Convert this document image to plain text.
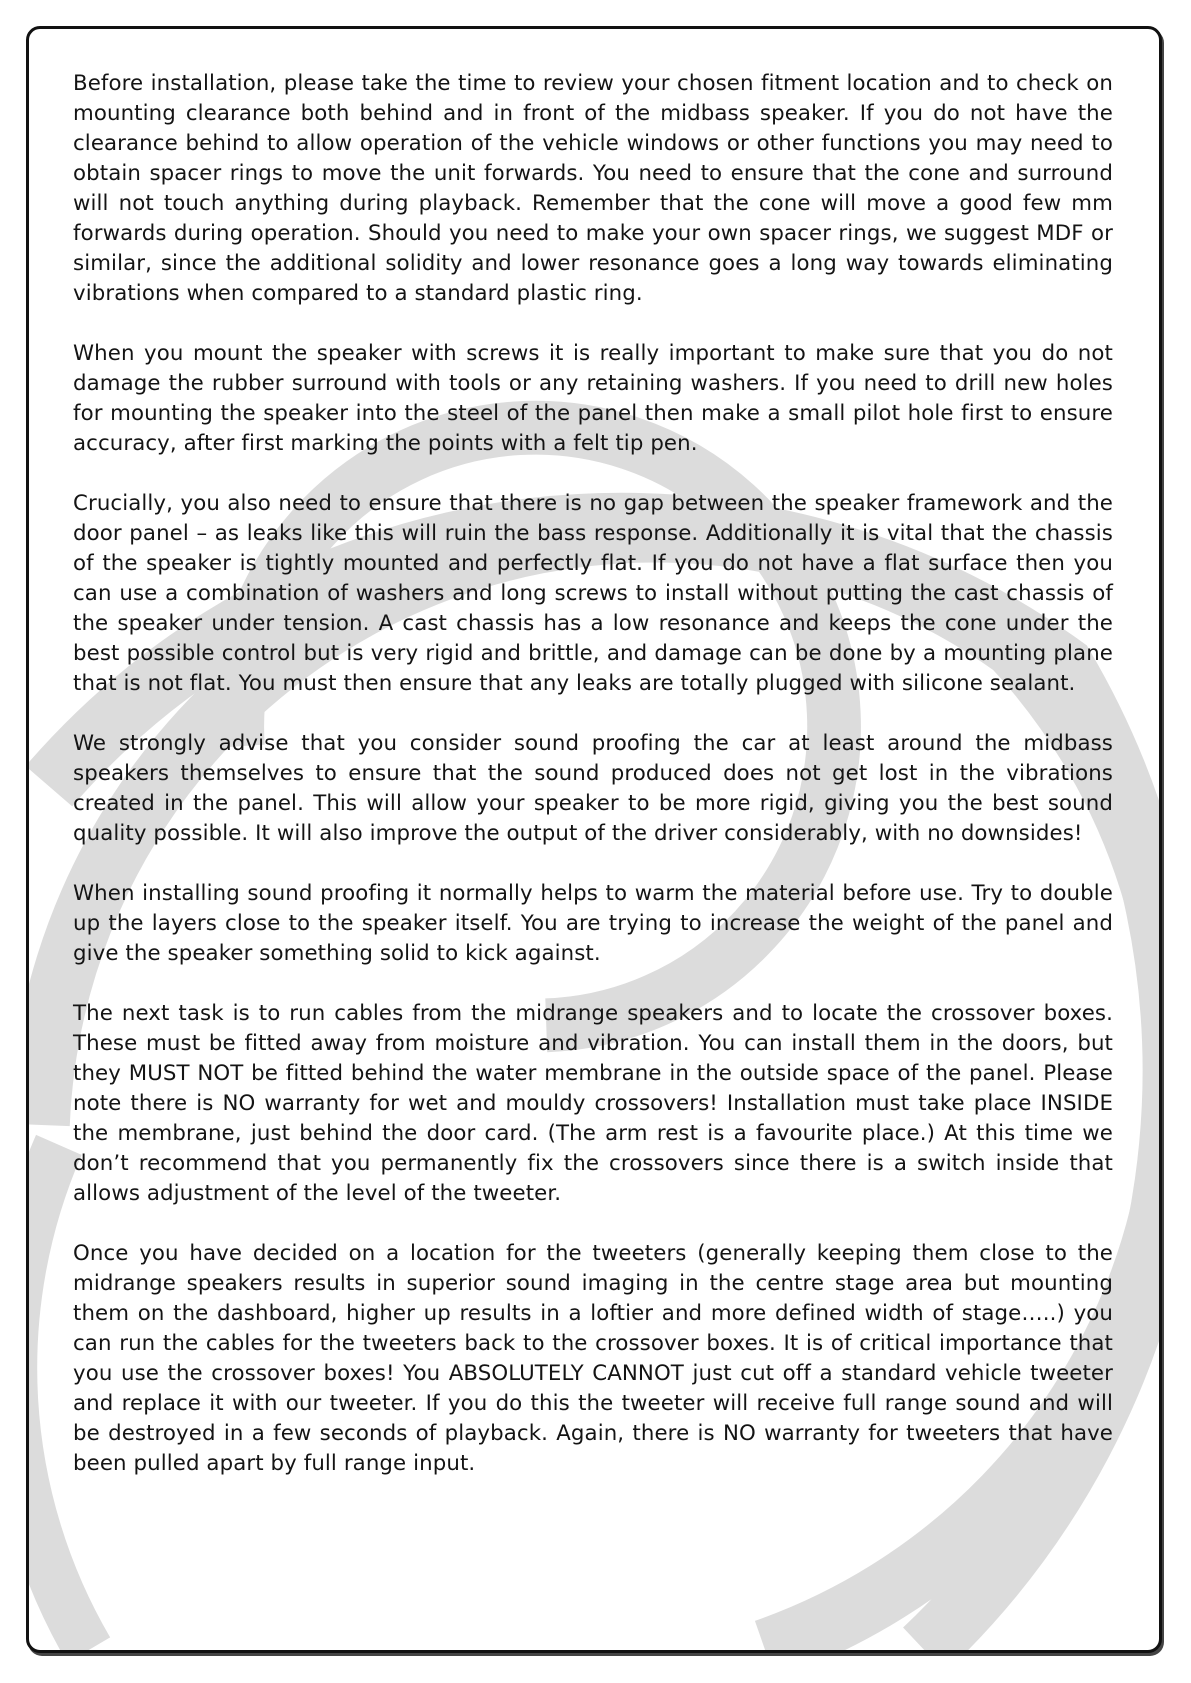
Before installation, please take the time to review your chosen fitment location and to check on mounting clearance both behind and in front of the midbass speaker. If you do not have the clearance behind to allow operation of the vehicle windows or other functions you may need to obtain spacer rings to move the unit forwards. You need to ensure that the cone and surround will not touch anything during playback. Remember that the cone will move a good few mm forwards during operation. Should you need to make your own spacer rings, we suggest MDF or similar, since the additional solidity and lower resonance goes a long way towards eliminating vibrations when compared to a standard plastic ring.

When you mount the speaker with screws it is really important to make sure that you do not damage the rubber surround with tools or any retaining washers. If you need to drill new holes for mounting the speaker into the steel of the panel then make a small pilot hole first to ensure accuracy, after first marking the points with a felt tip pen.

Crucially, you also need to ensure that there is no gap between the speaker framework and the door panel – as leaks like this will ruin the bass response. Additionally it is vital that the chassis of the speaker is tightly mounted and perfectly flat. If you do not have a flat surface then you can use a combination of washers and long screws to install without putting the cast chassis of the speaker under tension. A cast chassis has a low resonance and keeps the cone under the best possible control but is very rigid and brittle, and damage can be done by a mounting plane that is not flat. You must then ensure that any leaks are totally plugged with silicone sealant.

We strongly advise that you consider sound proofing the car at least around the midbass speakers themselves to ensure that the sound produced does not get lost in the vibrations created in the panel. This will allow your speaker to be more rigid, giving you the best sound quality possible. It will also improve the output of the driver considerably, with no downsides!

When installing sound proofing it normally helps to warm the material before use. Try to double up the layers close to the speaker itself. You are trying to increase the weight of the panel and give the speaker something solid to kick against.

The next task is to run cables from the midrange speakers and to locate the crossover boxes. These must be fitted away from moisture and vibration. You can install them in the doors, but they MUST NOT be fitted behind the water membrane in the outside space of the panel. Please note there is NO warranty for wet and mouldy crossovers! Installation must take place INSIDE the membrane, just behind the door card. (The arm rest is a favourite place.) At this time we don’t recommend that you permanently fix the crossovers since there is a switch inside that allows adjustment of the level of the tweeter.

Once you have decided on a location for the tweeters (generally keeping them close to the midrange speakers results in superior sound imaging in the centre stage area but mounting them on the dashboard, higher up results in a loftier and more defined width of stage…..) you can run the cables for the tweeters back to the crossover boxes. It is of critical importance that you use the crossover boxes! You ABSOLUTELY CANNOT just cut off a standard vehicle tweeter and replace it with our tweeter. If you do this the tweeter will receive full range sound and will be destroyed in a few seconds of playback. Again, there is NO warranty for tweeters that have been pulled apart by full range input.
